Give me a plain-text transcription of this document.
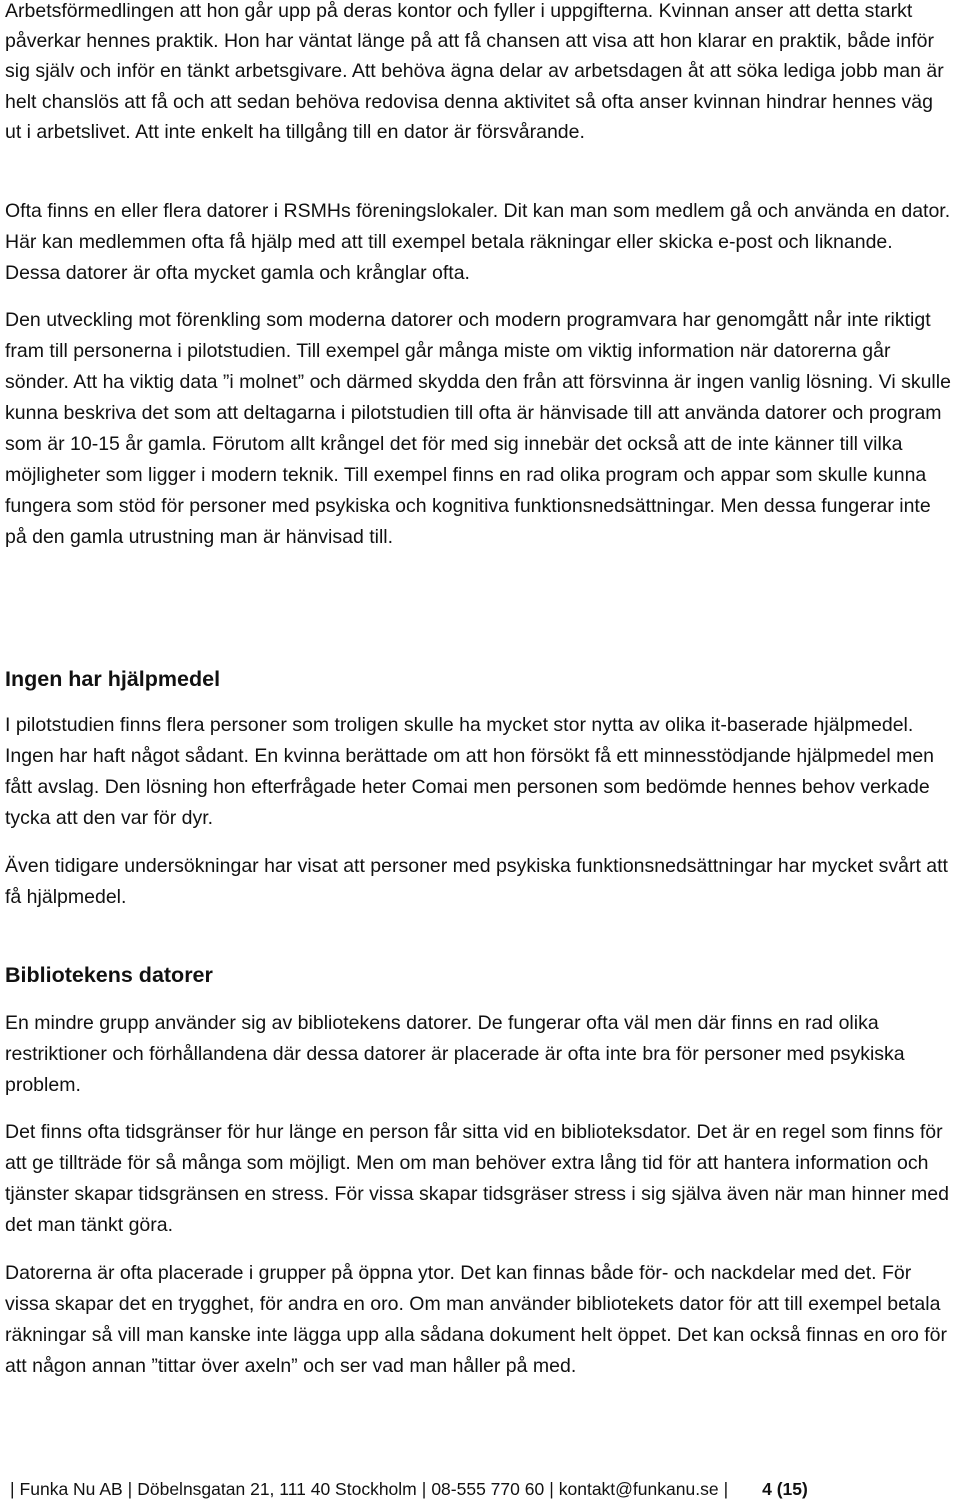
Arbetsförmedlingen att hon går upp på deras kontor och fyller i uppgifterna. Kvinnan anser att detta starkt påverkar hennes praktik. Hon har väntat länge på att få chansen att visa att hon klarar en praktik, både inför sig själv och inför en tänkt arbetsgivare. Att behöva ägna delar av arbetsdagen åt att söka lediga jobb man är helt chanslös att få och att sedan behöva redovisa denna aktivitet så ofta anser kvinnan hindrar hennes väg ut i arbetslivet. Att inte enkelt ha tillgång till en dator är försvårande.

Ofta finns en eller flera datorer i RSMHs föreningslokaler. Dit kan man som medlem gå och använda en dator. Här kan medlemmen ofta få hjälp med att till exempel betala räkningar eller skicka e-post och liknande. Dessa datorer är ofta mycket gamla och krånglar ofta.

Den utveckling mot förenkling som moderna datorer och modern programvara har genomgått når inte riktigt fram till personerna i pilotstudien. Till exempel går många miste om viktig information när datorerna går sönder. Att ha viktig data ”i molnet” och därmed skydda den från att försvinna är ingen vanlig lösning. Vi skulle kunna beskriva det som att deltagarna i pilotstudien till ofta är hänvisade till att använda datorer och program som är 10-15 år gamla. Förutom allt krångel det för med sig innebär det också att de inte känner till vilka möjligheter som ligger i modern teknik. Till exempel finns en rad olika program och appar som skulle kunna fungera som stöd för personer med psykiska och kognitiva funktionsnedsättningar. Men dessa fungerar inte på den gamla utrustning man är hänvisad till.

Ingen har hjälpmedel

I pilotstudien finns flera personer som troligen skulle ha mycket stor nytta av olika it-baserade hjälpmedel. Ingen har haft något sådant. En kvinna berättade om att hon försökt få ett minnesstödjande hjälpmedel men fått avslag. Den lösning hon efterfrågade heter Comai men personen som bedömde hennes behov verkade tycka att den var för dyr.

Även tidigare undersökningar har visat att personer med psykiska funktionsnedsättningar har mycket svårt att få hjälpmedel.

Bibliotekens datorer

En mindre grupp använder sig av bibliotekens datorer. De fungerar ofta väl men där finns en rad olika restriktioner och förhållandena där dessa datorer är placerade är ofta inte bra för personer med psykiska problem.

Det finns ofta tidsgränser för hur länge en person får sitta vid en biblioteksdator. Det är en regel som finns för att ge tillträde för så många som möjligt. Men om man behöver extra lång tid för att hantera information och tjänster skapar tidsgränsen en stress. För vissa skapar tidsgräser stress i sig själva även när man hinner med det man tänkt göra.

Datorerna är ofta placerade i grupper på öppna ytor. Det kan finnas både för- och nackdelar med det. För vissa skapar det en trygghet, för andra en oro. Om man använder bibliotekets dator för att till exempel betala räkningar så vill man kanske inte lägga upp alla sådana dokument helt öppet. Det kan också finnas en oro för att någon annan ”tittar över axeln” och ser vad man håller på med.

| Funka Nu AB | Döbelnsgatan 21, 111 40 Stockholm | 08-555 770 60 | kontakt@funkanu.se | 4 (15)
